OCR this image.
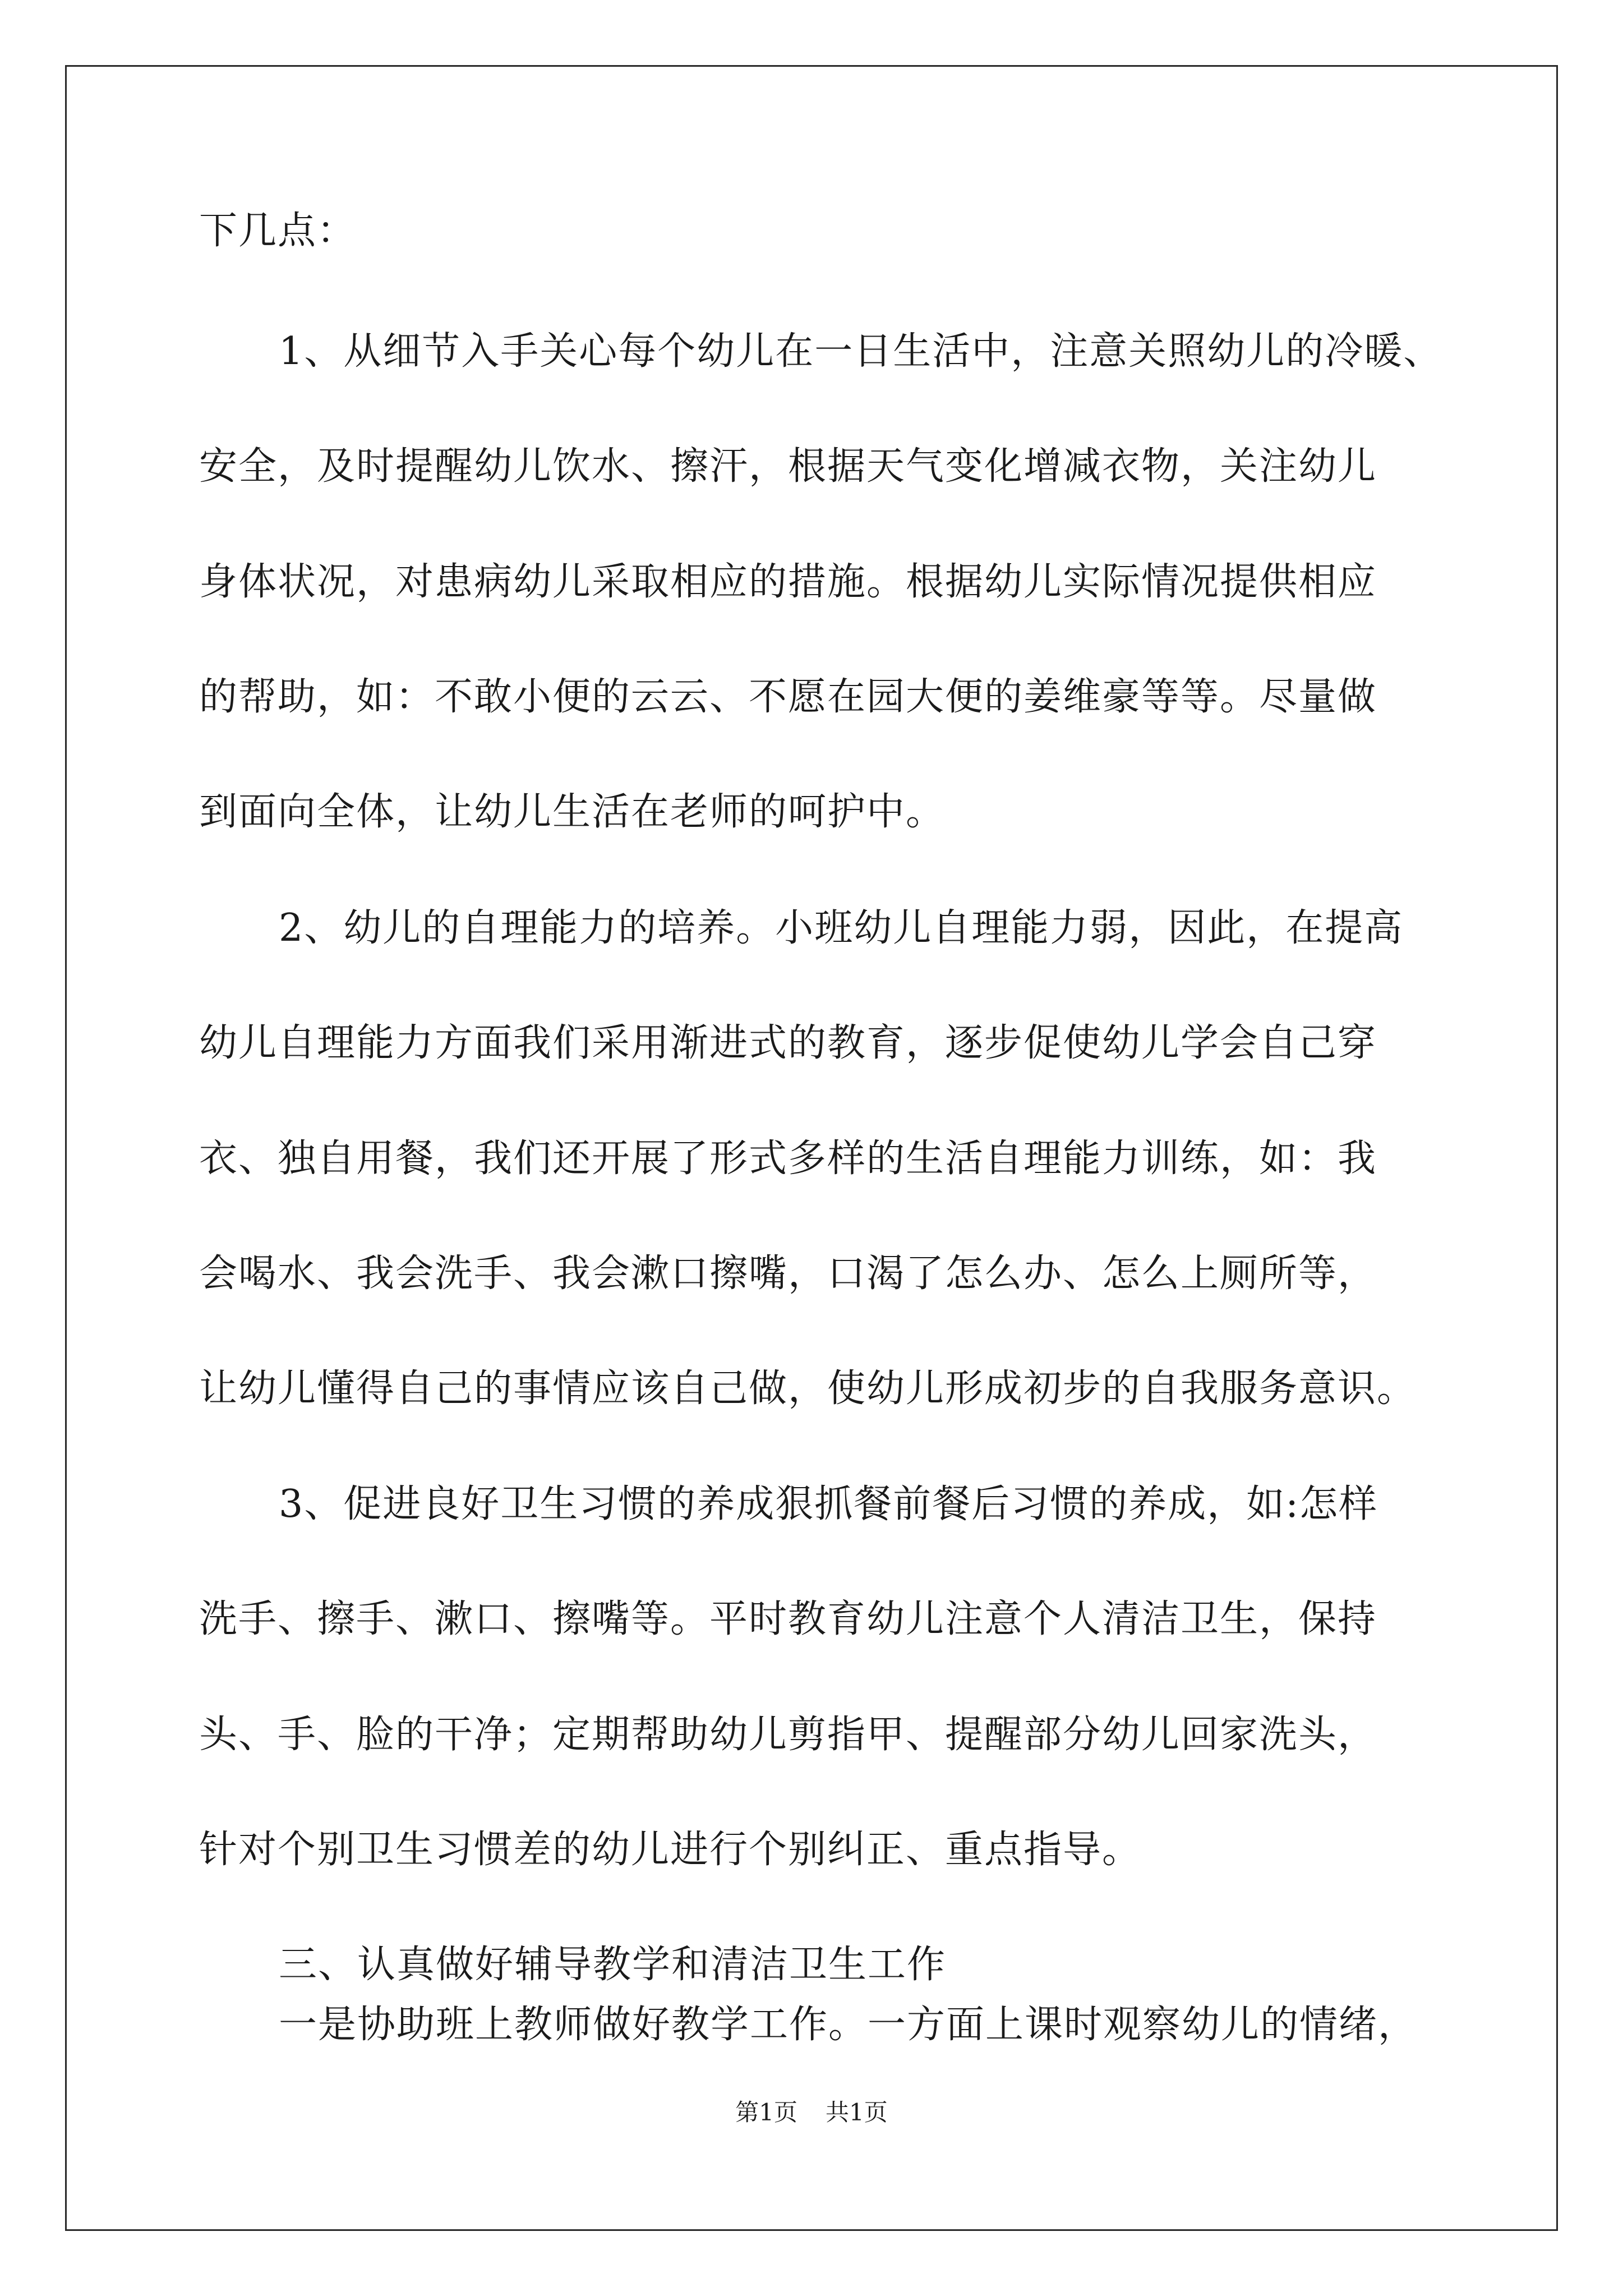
下几点：
1、从细节入手关心每个幼儿在一日生活中，注意关照幼儿的冷暖、
安全，及时提醒幼儿饮水、擦汗，根据天气变化增减衣物，关注幼儿
身体状况，对患病幼儿采取相应的措施。根据幼儿实际情况提供相应
的帮助，如：不敢小便的云云、不愿在园大便的姜维豪等等。尽量做
到面向全体，让幼儿生活在老师的呵护中。
2、幼儿的自理能力的培养。小班幼儿自理能力弱，因此，在提高
幼儿自理能力方面我们采用渐进式的教育，逐步促使幼儿学会自己穿
衣、独自用餐，我们还开展了形式多样的生活自理能力训练，如：我
会喝水、我会洗手、我会漱口擦嘴，口渴了怎么办、怎么上厕所等，
让幼儿懂得自己的事情应该自己做，使幼儿形成初步的自我服务意识。
3、促进良好卫生习惯的养成狠抓餐前餐后习惯的养成，如:怎样
洗手、擦手、漱口、擦嘴等。平时教育幼儿注意个人清洁卫生，保持
头、手、脸的干净；定期帮助幼儿剪指甲、提醒部分幼儿回家洗头，
针对个别卫生习惯差的幼儿进行个别纠正、重点指导。
三、认真做好辅导教学和清洁卫生工作
一是协助班上教师做好教学工作。一方面上课时观察幼儿的情绪，
第1页 共1页
